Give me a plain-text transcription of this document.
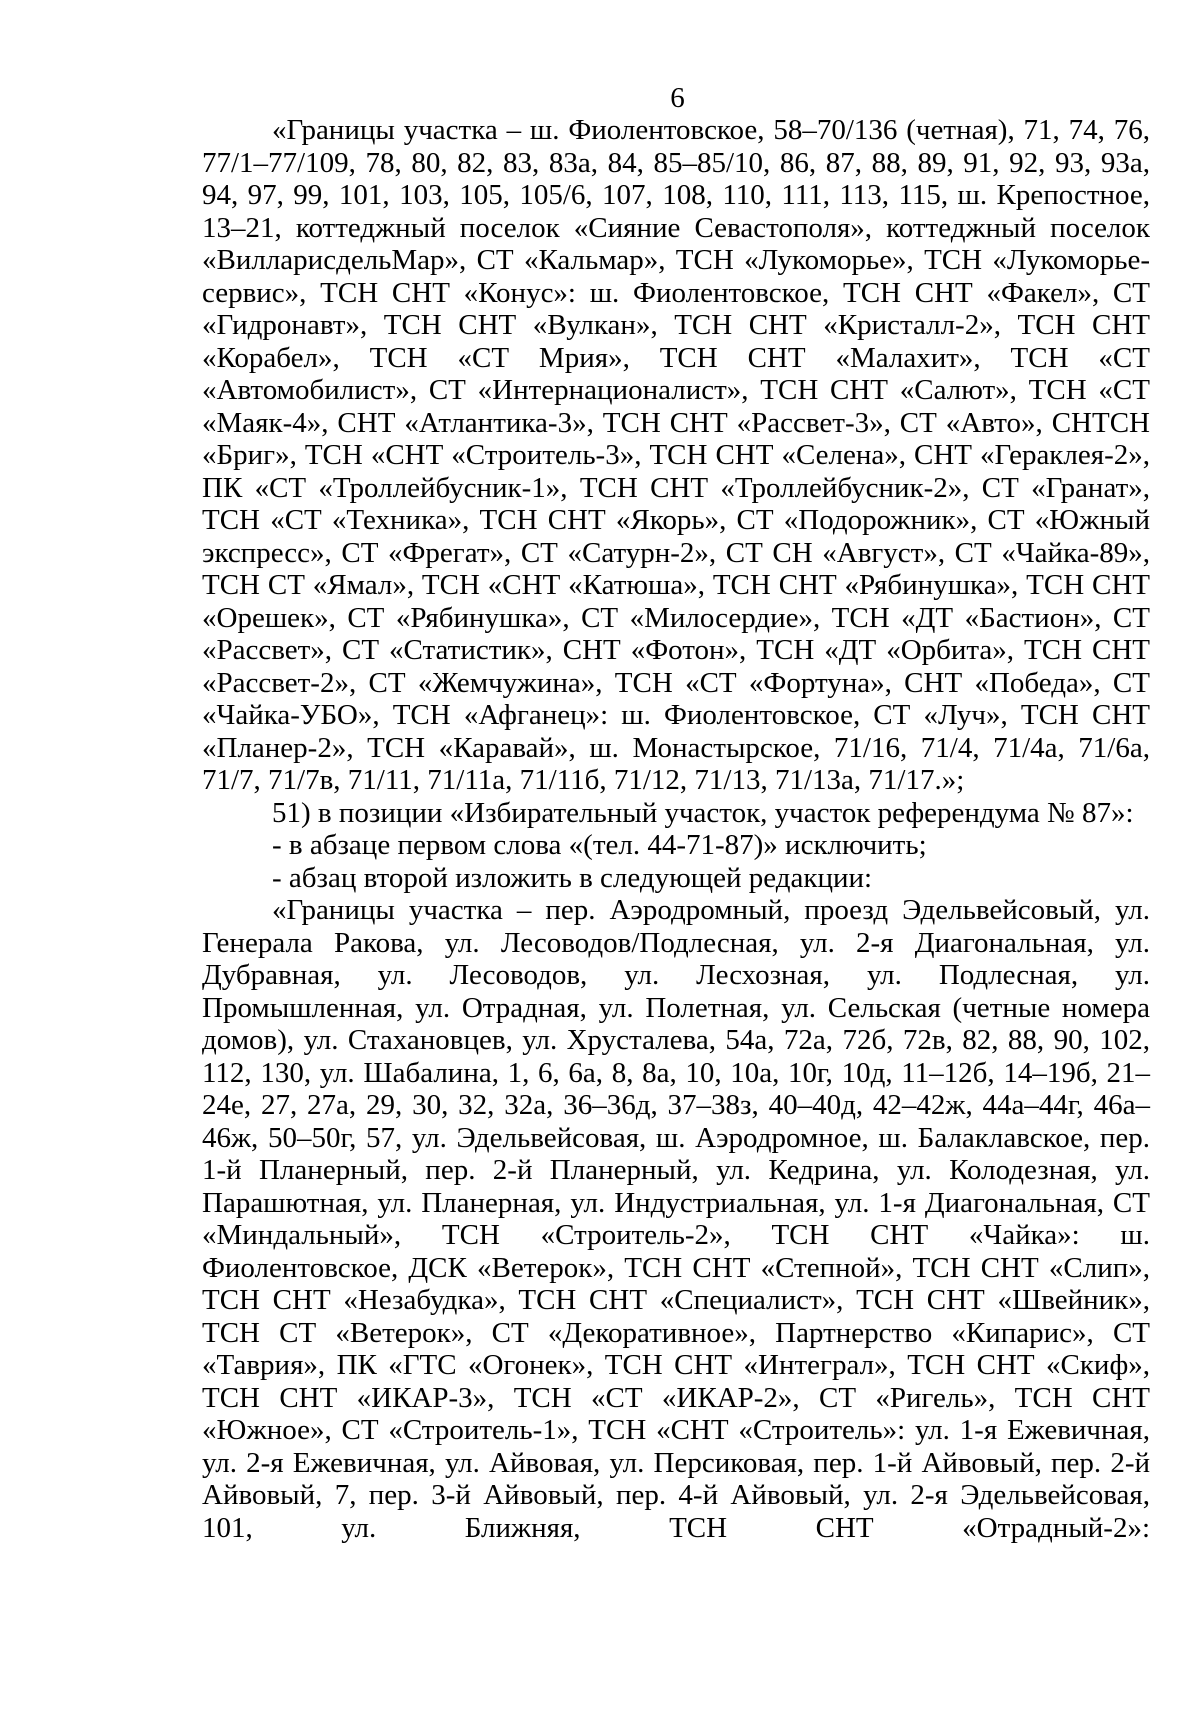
6

«Границы участка – ш. Фиолентовское, 58–70/136 (четная), 71, 74, 76, 77/1–77/109, 78, 80, 82, 83, 83а, 84, 85–85/10, 86, 87, 88, 89, 91, 92, 93, 93а, 94, 97, 99, 101, 103, 105, 105/6, 107, 108, 110, 111, 113, 115, ш. Крепостное, 13–21, коттеджный поселок «Сияние Севастополя», коттеджный поселок «ВилларисдельМар», СТ «Кальмар», ТСН «Лукоморье», ТСН «Лукоморье-сервис», ТСН СНТ «Конус»: ш. Фиолентовское, ТСН СНТ «Факел», СТ «Гидронавт», ТСН СНТ «Вулкан», ТСН СНТ «Кристалл-2», ТСН СНТ «Корабел», ТСН «СТ Мрия», ТСН СНТ «Малахит», ТСН «СТ «Автомобилист», СТ «Интернационалист», ТСН СНТ «Салют», ТСН «СТ «Маяк-4», СНТ «Атлантика-3», ТСН СНТ «Рассвет-3», СТ «Авто», СНТСН «Бриг», ТСН «СНТ «Строитель-3», ТСН СНТ «Селена», СНТ «Гераклея-2», ПК «СТ «Троллейбусник-1», ТСН СНТ «Троллейбусник-2», СТ «Гранат», ТСН «СТ «Техника», ТСН СНТ «Якорь», СТ «Подорожник», СТ «Южный экспресс», СТ «Фрегат», СТ «Сатурн-2», СТ СН «Август», СТ «Чайка-89», ТСН СТ «Ямал», ТСН «СНТ «Катюша», ТСН СНТ «Рябинушка», ТСН СНТ «Орешек», СТ «Рябинушка», СТ «Милосердие», ТСН «ДТ «Бастион», СТ «Рассвет», СТ «Статистик», СНТ «Фотон», ТСН «ДТ «Орбита», ТСН СНТ «Рассвет-2», СТ «Жемчужина», ТСН «СТ «Фортуна», СНТ «Победа», СТ «Чайка-УБО», ТСН «Афганец»: ш. Фиолентовское, СТ «Луч», ТСН СНТ «Планер-2», ТСН «Каравай», ш. Монастырское, 71/16, 71/4, 71/4а, 71/6а, 71/7, 71/7в, 71/11, 71/11а, 71/11б, 71/12, 71/13, 71/13а, 71/17.»;

51) в позиции «Избирательный участок, участок референдума № 87»:

- в абзаце первом слова «(тел. 44-71-87)» исключить;

- абзац второй изложить в следующей редакции:

«Границы участка – пер. Аэродромный, проезд Эдельвейсовый, ул. Генерала Ракова, ул. Лесоводов/Подлесная, ул. 2-я Диагональная, ул. Дубравная, ул. Лесоводов, ул. Лесхозная, ул. Подлесная, ул. Промышленная, ул. Отрадная, ул. Полетная, ул. Сельская (четные номера домов), ул. Стахановцев, ул. Хрусталева, 54а, 72а, 72б, 72в, 82, 88, 90, 102, 112, 130, ул. Шабалина, 1, 6, 6а, 8, 8а, 10, 10а, 10г, 10д, 11–12б, 14–19б, 21–24е, 27, 27а, 29, 30, 32, 32а, 36–36д, 37–38з, 40–40д, 42–42ж, 44а–44г, 46а–46ж, 50–50г, 57, ул. Эдельвейсовая, ш. Аэродромное, ш. Балаклавское, пер. 1-й Планерный, пер. 2-й Планерный, ул. Кедрина, ул. Колодезная, ул. Парашютная, ул. Планерная, ул. Индустриальная, ул. 1-я Диагональная, СТ «Миндальный», ТСН «Строитель-2», ТСН СНТ «Чайка»: ш. Фиолентовское, ДСК «Ветерок», ТСН СНТ «Степной», ТСН СНТ «Слип», ТСН СНТ «Незабудка», ТСН СНТ «Специалист», ТСН СНТ «Швейник», ТСН СТ «Ветерок», СТ «Декоративное», Партнерство «Кипарис», СТ «Таврия», ПК «ГТС «Огонек», ТСН СНТ «Интеграл», ТСН СНТ «Скиф», ТСН СНТ «ИКАР-3», ТСН «СТ «ИКАР-2», СТ «Ригель», ТСН СНТ «Южное», СТ «Строитель-1», ТСН «СНТ «Строитель»: ул. 1-я Ежевичная, ул. 2-я Ежевичная, ул. Айвовая, ул. Персиковая, пер. 1-й Айвовый, пер. 2-й Айвовый, 7, пер. 3-й Айвовый, пер. 4-й Айвовый, ул. 2-я Эдельвейсовая, 101, ул. Ближняя, ТСН СНТ «Отрадный-2»:
